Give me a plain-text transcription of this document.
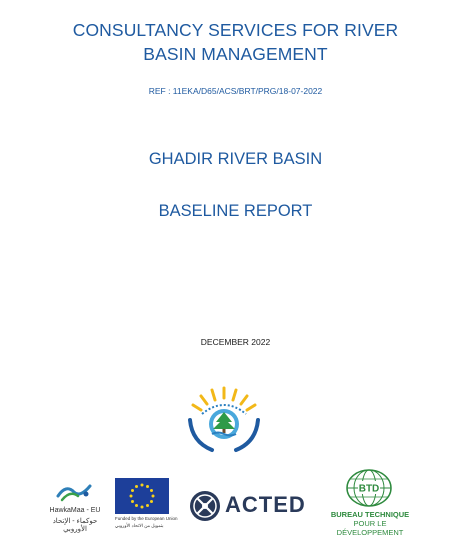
CONSULTANCY SERVICES FOR RIVER
BASIN MANAGEMENT
REF : 11EKA/D65/ACS/BRT/PRG/18-07-2022
GHADIR RIVER BASIN
BASELINE REPORT
DECEMBER 2022
HawkaMaa - EU
حوكماء - الإتحاد الأوروبي
Funded by the European Union
بتمويل من الاتحاد الأوروبي
ACTED
BTD
BUREAU TECHNIQUE
POUR LE DÉVELOPPEMENT
